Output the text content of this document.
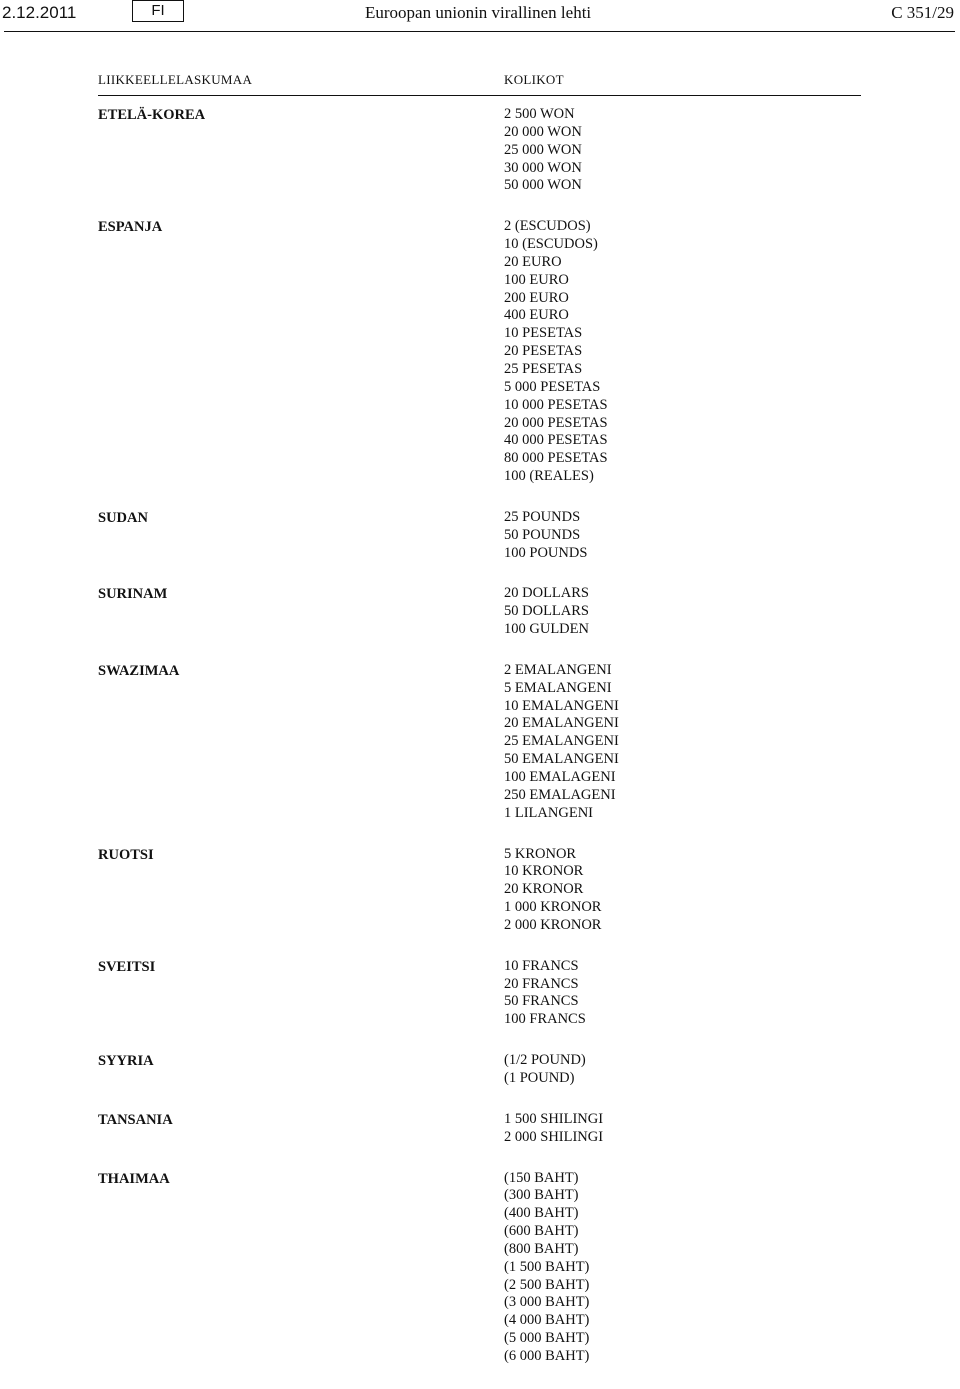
2.12.2011	FI	Euroopan unionin virallinen lehti	C 351/29
LIIKKEELLELASKUMAA	KOLIKOT
ETELÄ-KOREA	2 500 WON
20 000 WON
25 000 WON
30 000 WON
50 000 WON
ESPANJA	2 (ESCUDOS)
10 (ESCUDOS)
20 EURO
100 EURO
200 EURO
400 EURO
10 PESETAS
20 PESETAS
25 PESETAS
5 000 PESETAS
10 000 PESETAS
20 000 PESETAS
40 000 PESETAS
80 000 PESETAS
100 (REALES)
SUDAN	25 POUNDS
50 POUNDS
100 POUNDS
SURINAM	20 DOLLARS
50 DOLLARS
100 GULDEN
SWAZIMAA	2 EMALANGENI
5 EMALANGENI
10 EMALANGENI
20 EMALANGENI
25 EMALANGENI
50 EMALANGENI
100 EMALAGENI
250 EMALAGENI
1 LILANGENI
RUOTSI	5 KRONOR
10 KRONOR
20 KRONOR
1 000 KRONOR
2 000 KRONOR
SVEITSI	10 FRANCS
20 FRANCS
50 FRANCS
100 FRANCS
SYYRIA	(1/2 POUND)
(1 POUND)
TANSANIA	1 500 SHILINGI
2 000 SHILINGI
THAIMAA	(150 BAHT)
(300 BAHT)
(400 BAHT)
(600 BAHT)
(800 BAHT)
(1 500 BAHT)
(2 500 BAHT)
(3 000 BAHT)
(4 000 BAHT)
(5 000 BAHT)
(6 000 BAHT)
